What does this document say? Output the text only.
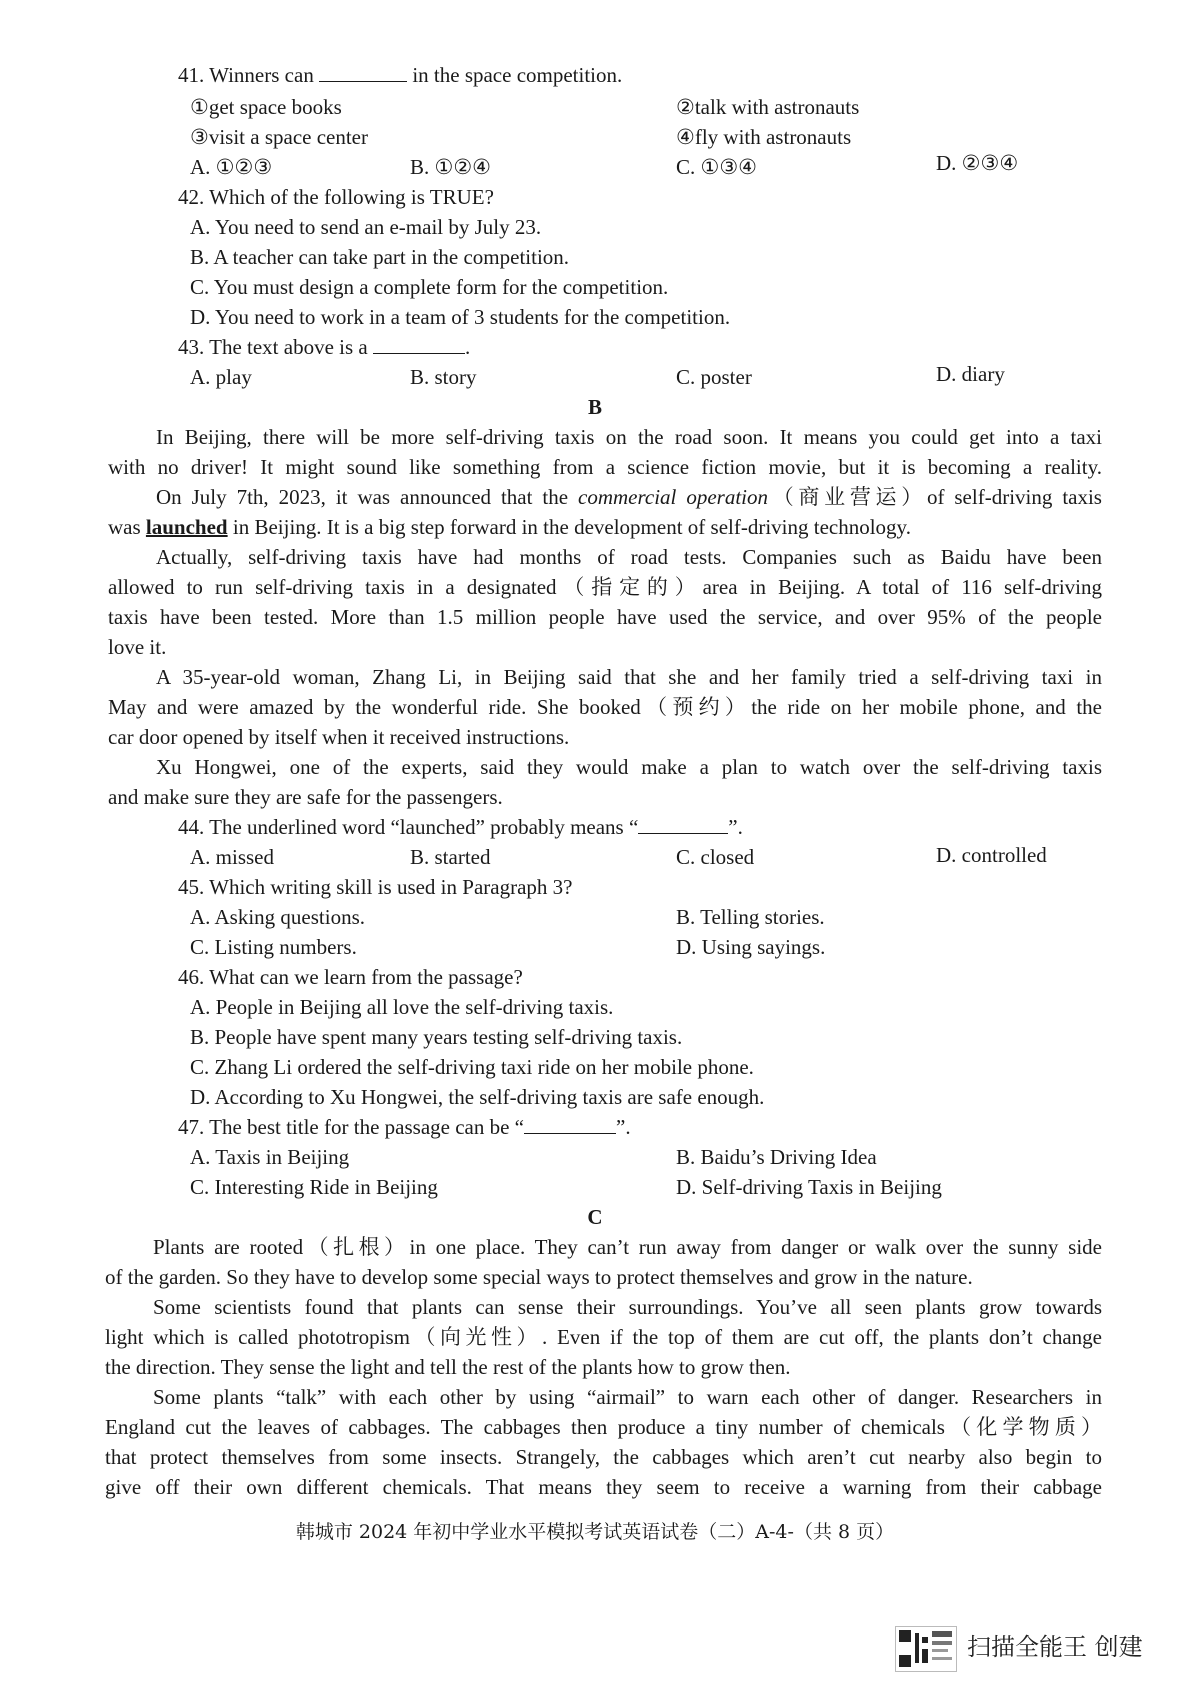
41. Winners can	in the space competition.
①get space books	②talk with astronauts
③visit a space center	④fly with astronauts
A. ①②③	B. ①②④	C. ①③④	D. ②③④
42. Which of the following is TRUE?
A. You need to send an e-mail by July 23.
B. A teacher can take part in the competition.
C. You must design a complete form for the competition.
D. You need to work in a team of 3 students for the competition.
43. The text above is a	.
A. play	B. story	C. poster	D. diary
B
In Beijing, there will be more self-driving taxis on the road soon. It means you could get into a taxi
with no driver! It might sound like something from a science fiction movie, but it is becoming a reality.
On July 7th, 2023, it was announced that the commercial operation（商业营运）of self-driving taxis
was launched in Beijing. It is a big step forward in the development of self-driving technology.
Actually, self-driving taxis have had months of road tests. Companies such as Baidu have been
allowed to run self-driving taxis in a designated（指定的）area in Beijing. A total of 116 self-driving
taxis have been tested. More than 1.5 million people have used the service, and over 95% of the people
love it.
A 35-year-old woman, Zhang Li, in Beijing said that she and her family tried a self-driving taxi in
May and were amazed by the wonderful ride. She booked（预约）the ride on her mobile phone, and the
car door opened by itself when it received instructions.
Xu Hongwei, one of the experts, said they would make a plan to watch over the self-driving taxis
and make sure they are safe for the passengers.
44. The underlined word “launched” probably means “	”.
A. missed	B. started	C. closed	D. controlled
45. Which writing skill is used in Paragraph 3?
A. Asking questions.	B. Telling stories.
C. Listing numbers.	D. Using sayings.
46. What can we learn from the passage?
A. People in Beijing all love the self-driving taxis.
B. People have spent many years testing self-driving taxis.
C. Zhang Li ordered the self-driving taxi ride on her mobile phone.
D. According to Xu Hongwei, the self-driving taxis are safe enough.
47. The best title for the passage can be “	”.
A. Taxis in Beijing	B. Baidu’s Driving Idea
C. Interesting Ride in Beijing	D. Self-driving Taxis in Beijing
C
Plants are rooted（扎根）in one place. They can’t run away from danger or walk over the sunny side
of the garden. So they have to develop some special ways to protect themselves and grow in the nature.
Some scientists found that plants can sense their surroundings. You’ve all seen plants grow towards
light which is called phototropism（向光性）. Even if the top of them are cut off, the plants don’t change
the direction. They sense the light and tell the rest of the plants how to grow then.
Some plants “talk” with each other by using “airmail” to warn each other of danger. Researchers in
England cut the leaves of cabbages. The cabbages then produce a tiny number of chemicals（化学物质）
that protect themselves from some insects. Strangely, the cabbages which aren’t cut nearby also begin to
give off their own different chemicals. That means they seem to receive a warning from their cabbage
韩城市 2024 年初中学业水平模拟考试英语试卷（二）A-4-（共 8 页）
扫描全能王 创建
